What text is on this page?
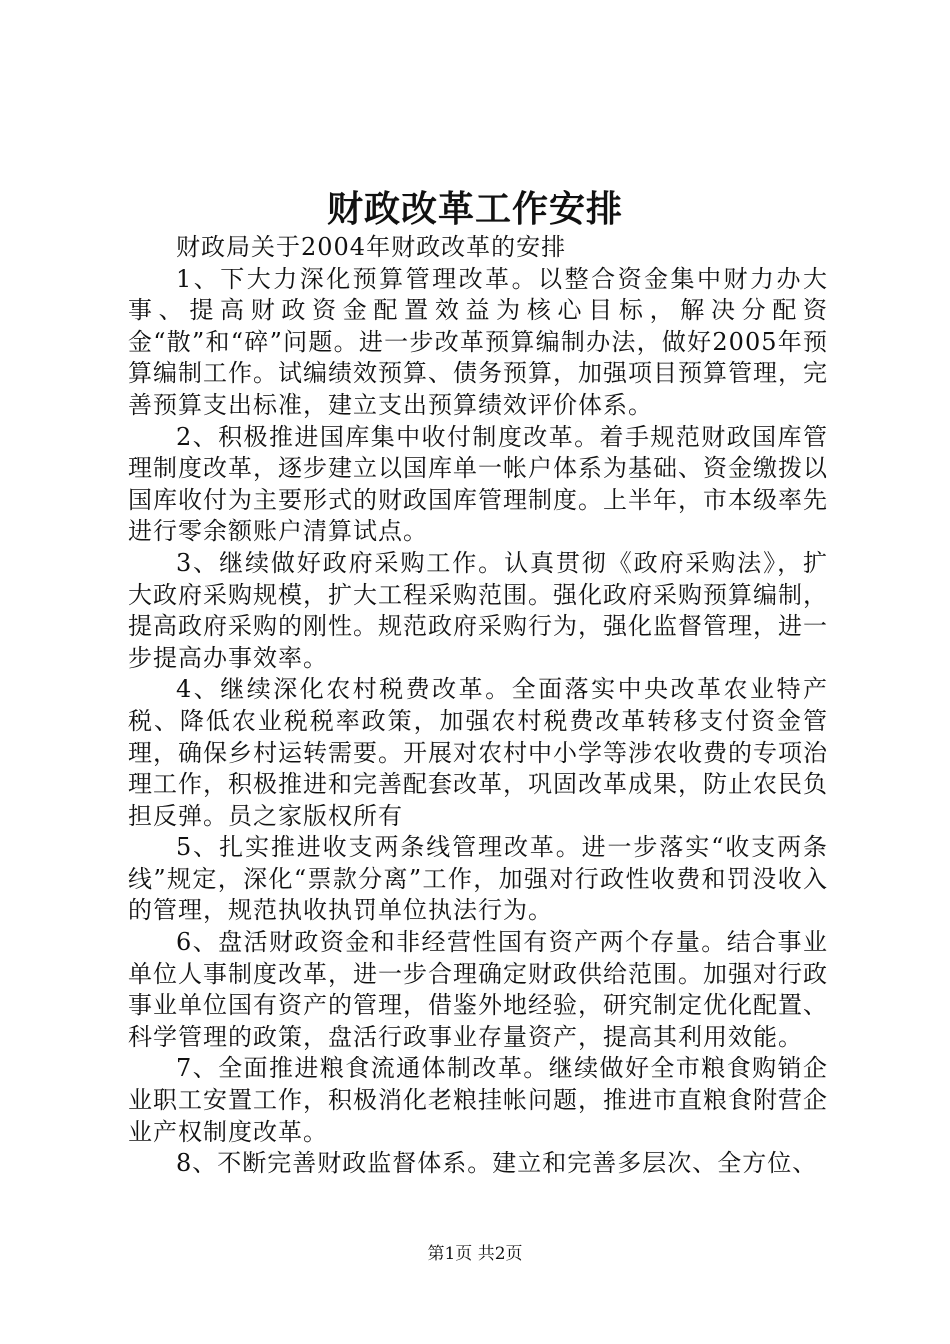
财政改革工作安排

财政局关于2004年财政改革的安排

1、下大力深化预算管理改革。以整合资金集中财力办大事、提高财政资金配置效益为核心目标，解决分配资金“散”和“碎”问题。进一步改革预算编制办法，做好2005年预算编制工作。试编绩效预算、债务预算，加强项目预算管理，完善预算支出标准，建立支出预算绩效评价体系。

2、积极推进国库集中收付制度改革。着手规范财政国库管理制度改革，逐步建立以国库单一帐户体系为基础、资金缴拨以国库收付为主要形式的财政国库管理制度。上半年，市本级率先进行零余额账户清算试点。

3、继续做好政府采购工作。认真贯彻《政府采购法》，扩大政府采购规模，扩大工程采购范围。强化政府采购预算编制，提高政府采购的刚性。规范政府采购行为，强化监督管理，进一步提高办事效率。

4、继续深化农村税费改革。全面落实中央改革农业特产税、降低农业税税率政策，加强农村税费改革转移支付资金管理，确保乡村运转需要。开展对农村中小学等涉农收费的专项治理工作，积极推进和完善配套改革，巩固改革成果，防止农民负担反弹。员之家版权所有

5、扎实推进收支两条线管理改革。进一步落实“收支两条线”规定，深化“票款分离”工作，加强对行政性收费和罚没收入的管理，规范执收执罚单位执法行为。

6、盘活财政资金和非经营性国有资产两个存量。结合事业单位人事制度改革，进一步合理确定财政供给范围。加强对行政事业单位国有资产的管理，借鉴外地经验，研究制定优化配置、科学管理的政策，盘活行政事业存量资产，提高其利用效能。

7、全面推进粮食流通体制改革。继续做好全市粮食购销企业职工安置工作，积极消化老粮挂帐问题，推进市直粮食附营企业产权制度改革。

8、不断完善财政监督体系。建立和完善多层次、全方位、

第1页 共2页
